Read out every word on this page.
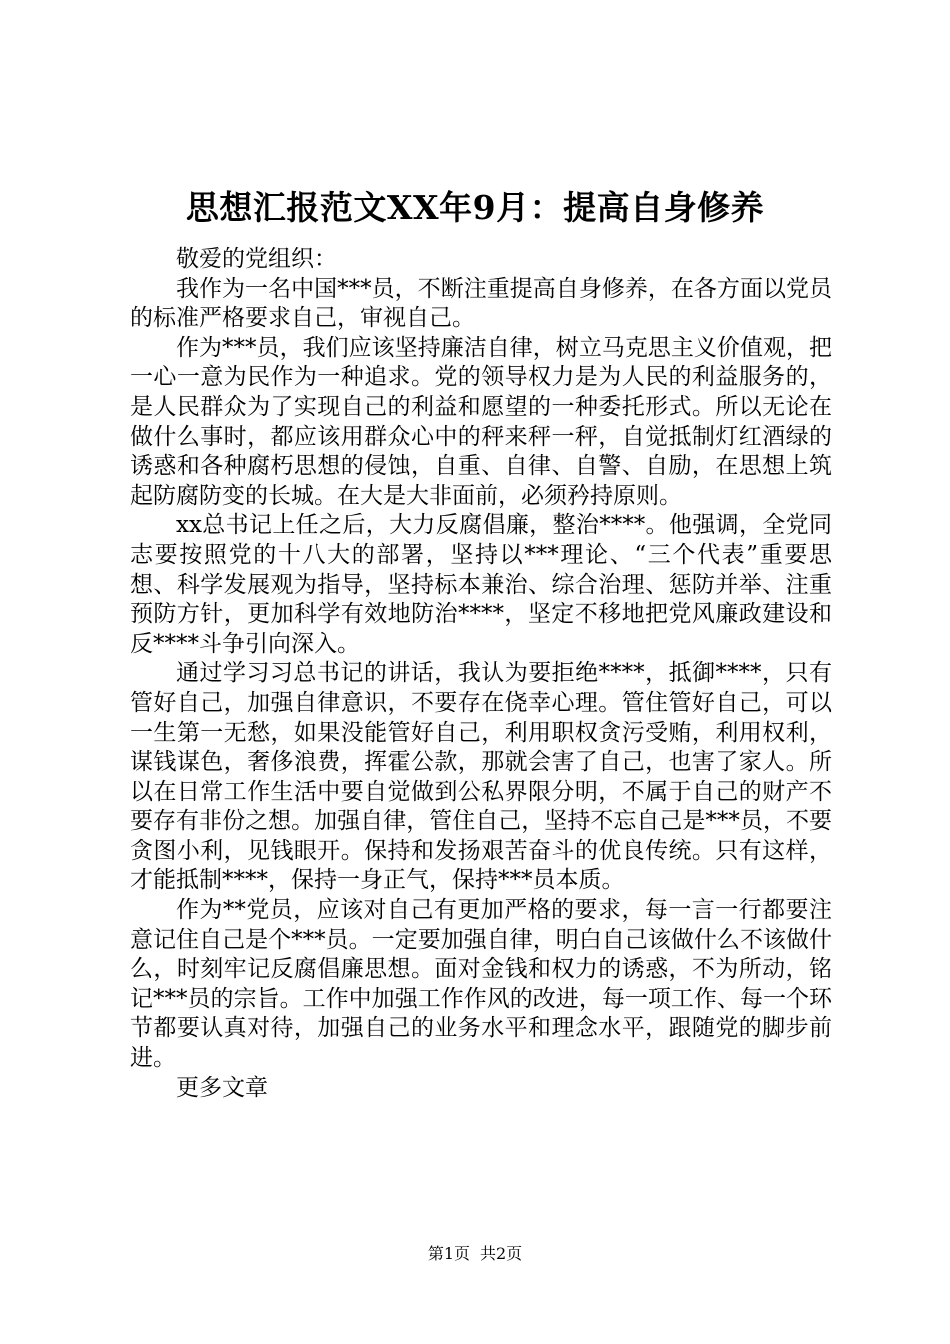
思想汇报范文XX年9月：提高自身修养

敬爱的党组织：

我作为一名中国***员，不断注重提高自身修养，在各方面以党员的标准严格要求自己，审视自己。

作为***员，我们应该坚持廉洁自律，树立马克思主义价值观，把一心一意为民作为一种追求。党的领导权力是为人民的利益服务的，是人民群众为了实现自己的利益和愿望的一种委托形式。所以无论在做什么事时，都应该用群众心中的秤来秤一秤，自觉抵制灯红酒绿的诱惑和各种腐朽思想的侵蚀，自重、自律、自警、自励，在思想上筑起防腐防变的长城。在大是大非面前，必须矜持原则。

xx总书记上任之后，大力反腐倡廉，整治****。他强调，全党同志要按照党的十八大的部署，坚持以***理论、“三个代表”重要思想、科学发展观为指导，坚持标本兼治、综合治理、惩防并举、注重预防方针，更加科学有效地防治****，坚定不移地把党风廉政建设和反****斗争引向深入。

通过学习习总书记的讲话，我认为要拒绝****，抵御****，只有管好自己，加强自律意识，不要存在侥幸心理。管住管好自己，可以一生第一无愁，如果没能管好自己，利用职权贪污受贿，利用权利，谋钱谋色，奢侈浪费，挥霍公款，那就会害了自己，也害了家人。所以在日常工作生活中要自觉做到公私界限分明，不属于自己的财产不要存有非份之想。加强自律，管住自己，坚持不忘自己是***员，不要贪图小利，见钱眼开。保持和发扬艰苦奋斗的优良传统。只有这样，才能抵制****，保持一身正气，保持***员本质。

作为**党员，应该对自己有更加严格的要求，每一言一行都要注意记住自己是个***员。一定要加强自律，明白自己该做什么不该做什么，时刻牢记反腐倡廉思想。面对金钱和权力的诱惑，不为所动，铭记***员的宗旨。工作中加强工作作风的改进，每一项工作、每一个环节都要认真对待，加强自己的业务水平和理念水平，跟随党的脚步前进。

更多文章

第1页 共2页
